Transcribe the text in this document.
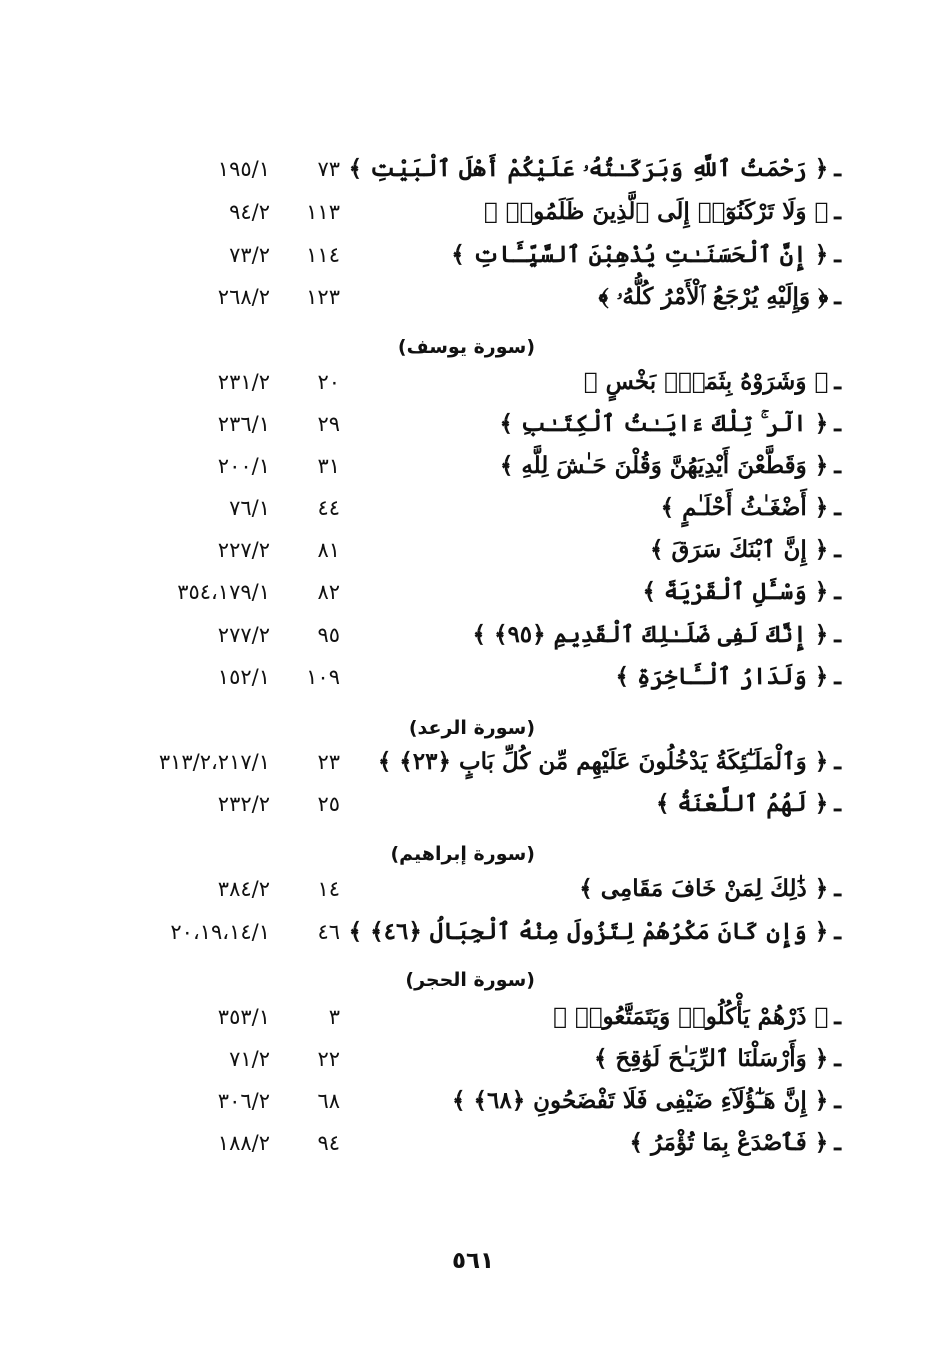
ـ﴿ رَحْمَتُ ٱللَّهِ وَبَرَكَـٰتُهُۥ عَلَيْكُمْ أَهْلَ ٱلْبَيْتِ ﴾
٧٣
١٩٥/١
ـ﴿ وَلَا تَرْكَنُوٓا۟ إِلَى ٱلَّذِينَ ظَلَمُوا۟ ﴾
١١٣
٩٤/٢
ـ﴿ إِنَّ ٱلْحَسَنَـٰتِ يُذْهِبْنَ ٱلسَّيِّـَٔاتِ ﴾
١١٤
٧٣/٢
ـ﴿ وَإِلَيْهِ يُرْجَعُ ٱلْأَمْرُ كُلُّهُۥ ﴾
١٢٣
٢٦٨/٢
(سورة يوسف)
ـ﴿ وَشَرَوْهُ بِثَمَنٍۭ بَخْسٍ ﴾
٢٠
٢٣١/٢
ـ﴿ الٓر ۚ تِلْكَ ءَايَـٰتُ ٱلْكِتَـٰبِ ﴾
٢٩
٢٣٦/١
ـ﴿ وَقَطَّعْنَ أَيْدِيَهُنَّ وَقُلْنَ حَـٰشَ لِلَّهِ ﴾
٣١
٢٠٠/١
ـ﴿ أَضْغَـٰثُ أَحْلَـٰمٍ ﴾
٤٤
٧٦/١
ـ﴿ إِنَّ ٱبْنَكَ سَرَقَ ﴾
٨١
٢٢٧/٢
ـ﴿ وَسْـَٔلِ ٱلْقَرْيَةَ ﴾
٨٢
٣٥٤،١٧٩/١
ـ﴿ إِنَّكَ لَفِى ضَلَـٰلِكَ ٱلْقَدِيمِ ﴿٩٥﴾ ﴾
٩٥
٢٧٧/٢
ـ﴿ وَلَدَارُ ٱلْـَٔاخِرَةِ ﴾
١٠٩
١٥٢/١
(سورة الرعد)
ـ﴿ وَٱلْمَلَـٰٓئِكَةُ يَدْخُلُونَ عَلَيْهِم مِّن كُلِّ بَابٍ ﴿٢٣﴾ ﴾
٢٣
٣١٣/٢،٢١٧/١
ـ﴿ لَهُمُ ٱللَّعْنَةُ ﴾
٢٥
٢٣٢/٢
(سورة إبراهيم)
ـ﴿ ذَٰلِكَ لِمَنْ خَافَ مَقَامِى ﴾
١٤
٣٨٤/٢
ـ﴿ وَإِن كَانَ مَكْرُهُمْ لِتَزُولَ مِنْهُ ٱلْجِبَالُ ﴿٤٦﴾ ﴾
٤٦
٢٠،١٩،١٤/١
(سورة الحجر)
ـ﴿ ذَرْهُمْ يَأْكُلُوا۟ وَيَتَمَتَّعُوا۟ ﴾
٣
٣٥٣/١
ـ﴿ وَأَرْسَلْنَا ٱلرِّيَـٰحَ لَوَٰقِحَ ﴾
٢٢
٧١/٢
ـ﴿ إِنَّ هَـٰٓؤُلَآءِ ضَيْفِى فَلَا تَفْضَحُونِ ﴿٦٨﴾ ﴾
٦٨
٣٠٦/٢
ـ﴿ فَٱصْدَعْ بِمَا تُؤْمَرُ ﴾
٩٤
١٨٨/٢
٥٦١
